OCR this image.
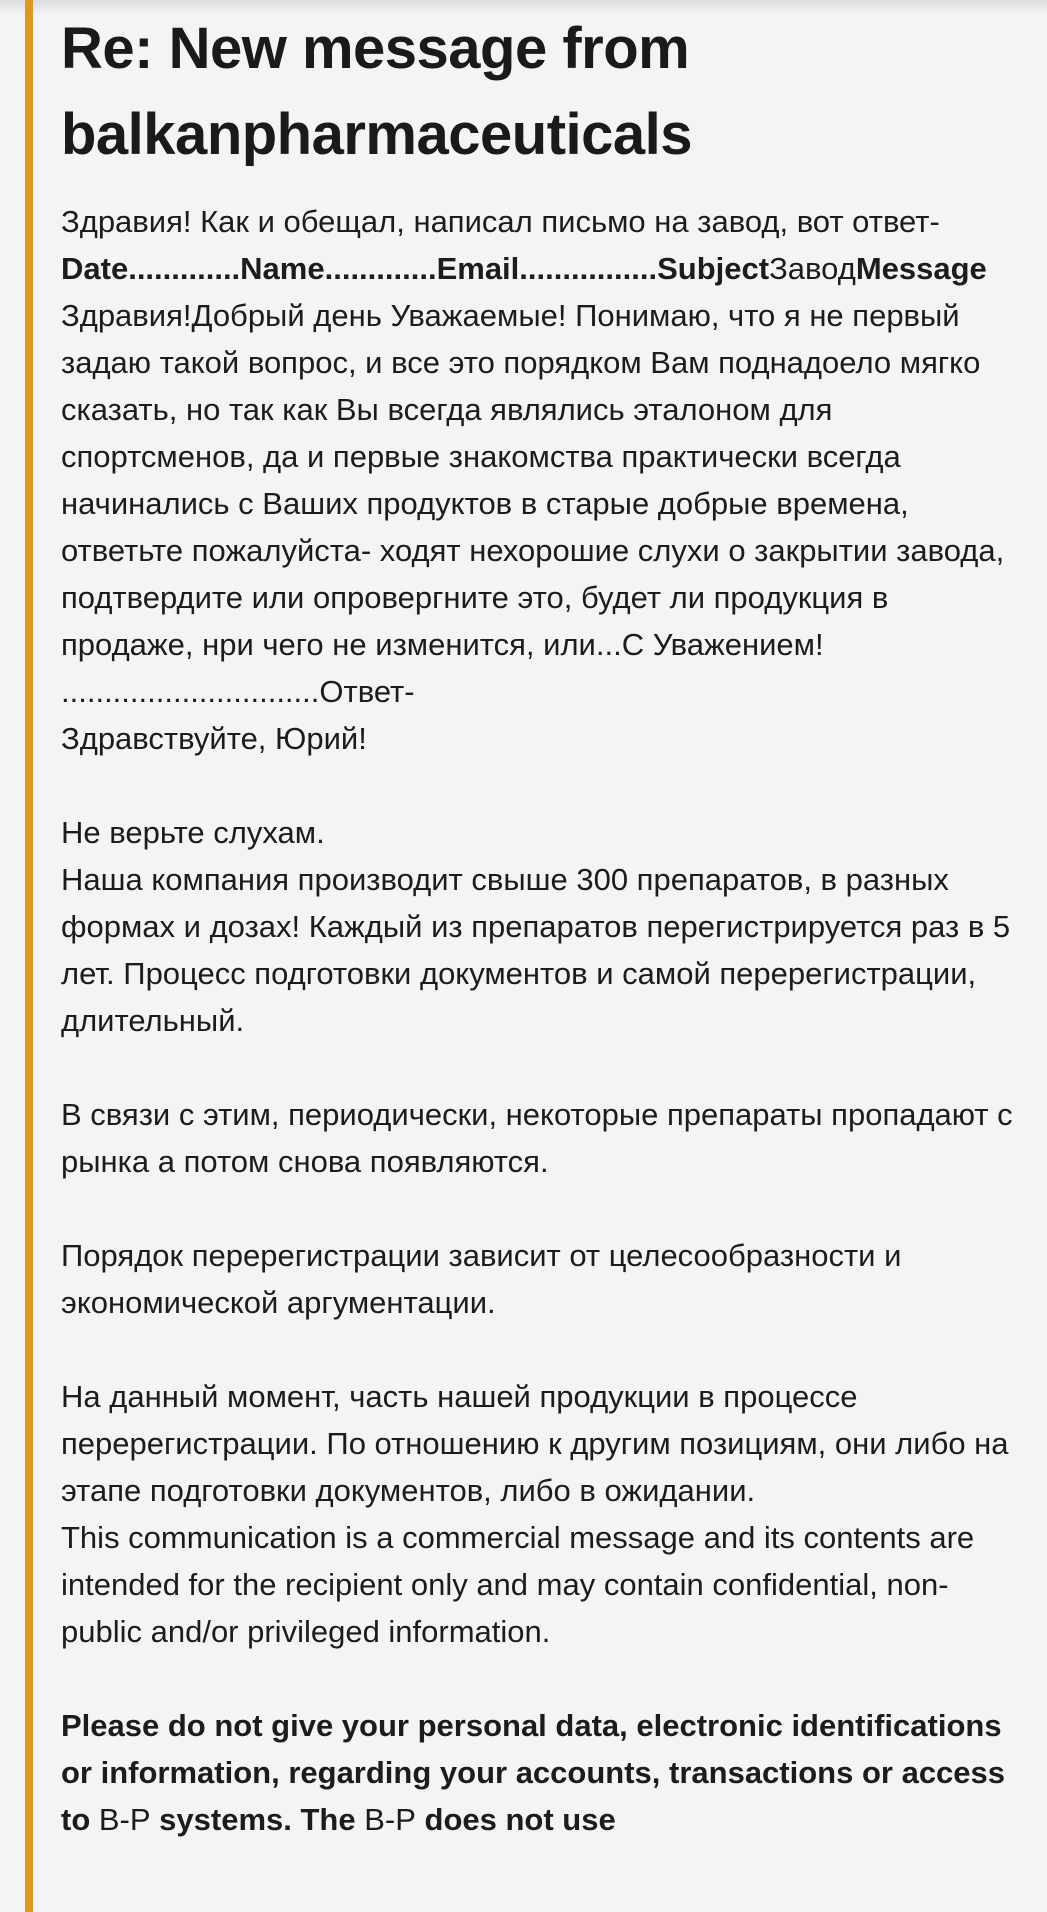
Re: New message from
balkanpharmaceuticals
Здравия! Как и обещал, написал письмо на завод, вот ответ-
Date.............Name.............Email................SubjectЗаводMessage Здравия!Добрый день Уважаемые! Понимаю, что я не первый задаю такой вопрос, и все это порядком Вам поднадоело мягко сказать, но так как Вы всегда являлись эталоном для спортсменов, да и первые знакомства практически всегда начинались с Ваших продуктов в старые добрые времена, ответьте пожалуйста- ходят нехорошие слухи о закрытии завода, подтвердите или опровергните это, будет ли продукция в продаже, нри чего не изменится, или...С Уважением! ..............................Ответ-
Здравствуйте, Юрий!
Не верьте слухам.
Наша компания производит свыше 300 препаратов, в разных формах и дозах! Каждый из препаратов перегистрируется раз в 5 лет. Процесс подготовки документов и самой перерегистрации, длительный.
В связи с этим, периодически, некоторые препараты пропадают с рынка а потом снова появляются.
Порядок перерегистрации зависит от целесообразности и экономической аргументации.
На данный момент, часть нашей продукции в процессе перерегистрации. По отношению к другим позициям, они либо на этапе подготовки документов, либо в ожидании.
This communication is a commercial message and its contents are intended for the recipient only and may contain confidential, non-public and/or privileged information.
Please do not give your personal data, electronic identifications or information, regarding your accounts, transactions or access to B-P systems. The B-P does not use
